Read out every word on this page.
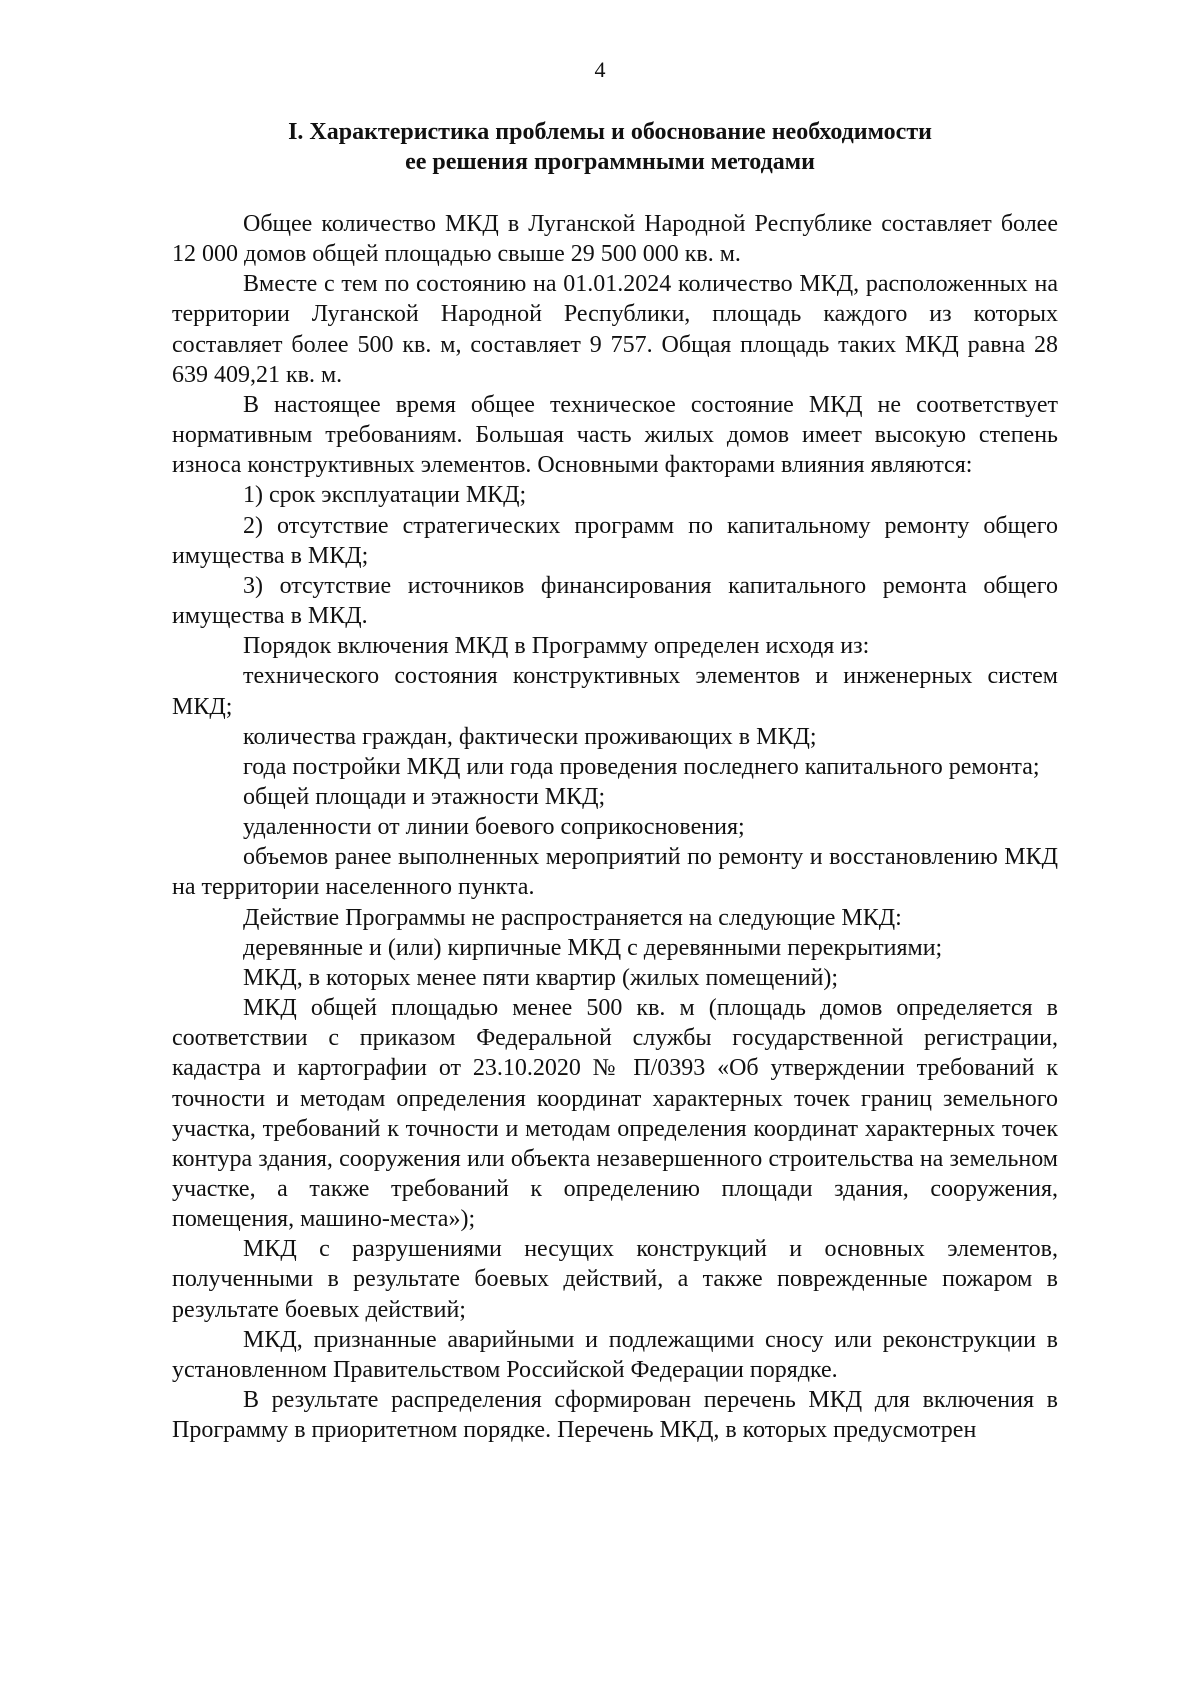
4
I. Характеристика проблемы и обоснование необходимости
ее решения программными методами

Общее количество МКД в Луганской Народной Республике составляет более 12 000 домов общей площадью свыше 29 500 000 кв. м.

Вместе с тем по состоянию на 01.01.2024 количество МКД, расположенных на территории Луганской Народной Республики, площадь каждого из которых составляет более 500 кв. м, составляет 9 757. Общая площадь таких МКД равна 28 639 409,21 кв. м.

В настоящее время общее техническое состояние МКД не соответствует нормативным требованиям. Большая часть жилых домов имеет высокую степень износа конструктивных элементов. Основными факторами влияния являются:

1) срок эксплуатации МКД;

2) отсутствие стратегических программ по капитальному ремонту общего имущества в МКД;

3) отсутствие источников финансирования капитального ремонта общего имущества в МКД.

Порядок включения МКД в Программу определен исходя из:

технического состояния конструктивных элементов и инженерных систем МКД;

количества граждан, фактически проживающих в МКД;

года постройки МКД или года проведения последнего капитального ремонта;

общей площади и этажности МКД;

удаленности от линии боевого соприкосновения;

объемов ранее выполненных мероприятий по ремонту и восстановлению МКД на территории населенного пункта.

Действие Программы не распространяется на следующие МКД:

деревянные и (или) кирпичные МКД с деревянными перекрытиями;

МКД, в которых менее пяти квартир (жилых помещений);

МКД общей площадью менее 500 кв. м (площадь домов определяется в соответствии с приказом Федеральной службы государственной регистрации, кадастра и картографии от 23.10.2020 № П/0393 «Об утверждении требований к точности и методам определения координат характерных точек границ земельного участка, требований к точности и методам определения координат характерных точек контура здания, сооружения или объекта незавершенного строительства на земельном участке, а также требований к определению площади здания, сооружения, помещения, машино-места»);

МКД с разрушениями несущих конструкций и основных элементов, полученными в результате боевых действий, а также поврежденные пожаром в результате боевых действий;

МКД, признанные аварийными и подлежащими сносу или реконструкции в установленном Правительством Российской Федерации порядке.

В результате распределения сформирован перечень МКД для включения в Программу в приоритетном порядке. Перечень МКД, в которых предусмотрен
